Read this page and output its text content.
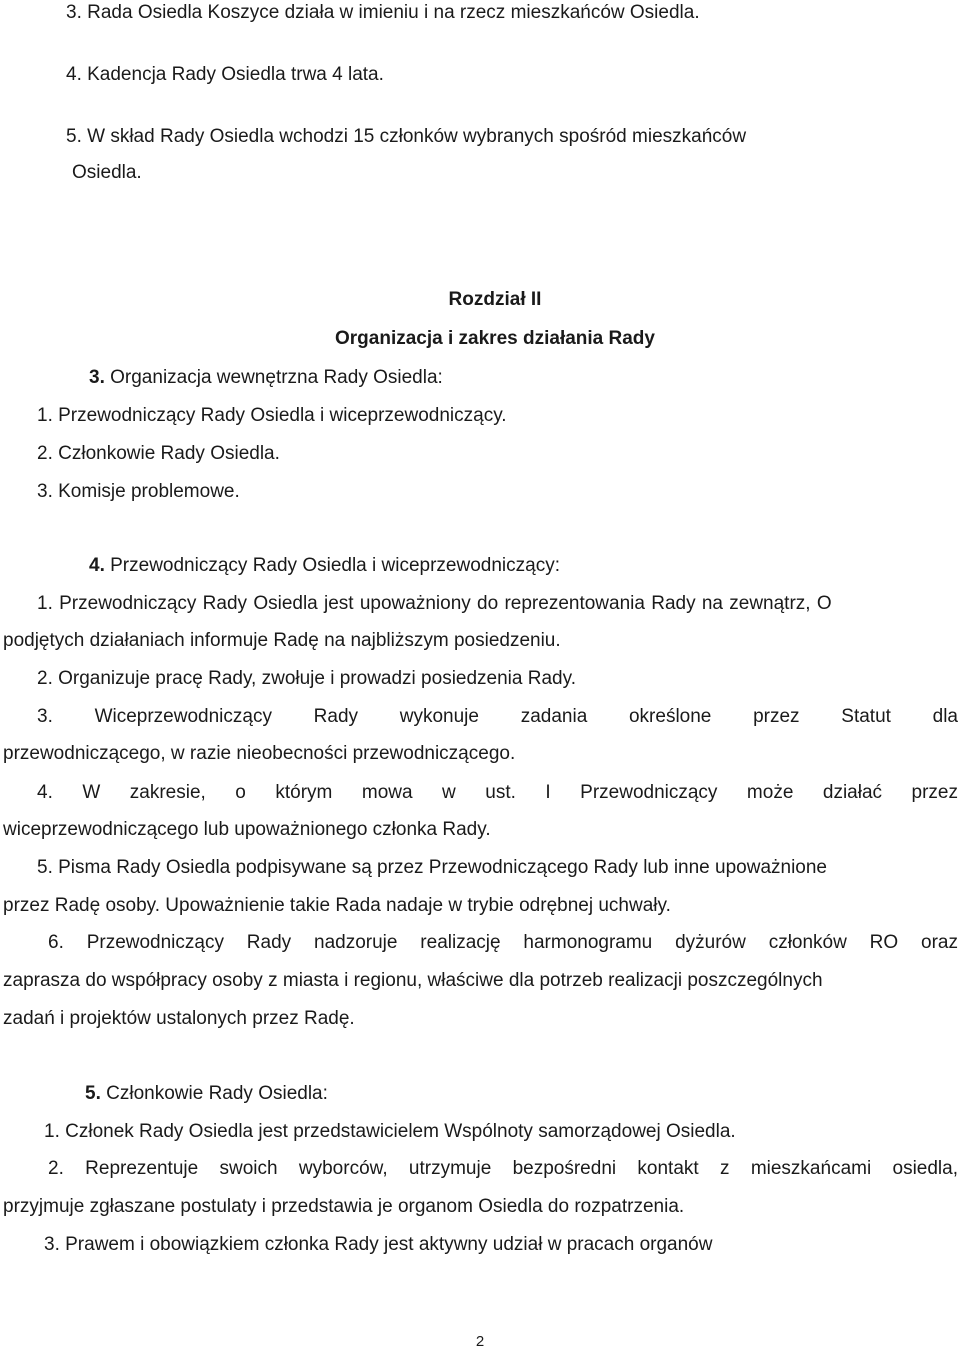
3. Rada Osiedla Koszyce działa w imieniu i na rzecz mieszkańców Osiedla.
4. Kadencja Rady Osiedla trwa 4 lata.
5. W skład Rady Osiedla wchodzi 15 członków wybranych spośród mieszkańców
Osiedla.
Rozdział II
Organizacja i zakres działania Rady
3. Organizacja wewnętrzna Rady Osiedla:
1. Przewodniczący Rady Osiedla i wiceprzewodniczący.
2. Członkowie Rady Osiedla.
3. Komisje problemowe.
4. Przewodniczący Rady Osiedla i wiceprzewodniczący:
1. Przewodniczący Rady Osiedla jest upoważniony do reprezentowania Rady na zewnątrz, O
podjętych działaniach informuje Radę na najbliższym posiedzeniu.
2. Organizuje pracę Rady, zwołuje i prowadzi posiedzenia Rady.
3. Wiceprzewodniczący Rady wykonuje zadania określone przez Statut dla
przewodniczącego, w razie nieobecności przewodniczącego.
4. W zakresie, o którym mowa w ust. I Przewodniczący może działać przez
wiceprzewodniczącego lub upoważnionego członka Rady.
5. Pisma Rady Osiedla podpisywane są przez Przewodniczącego Rady lub inne upoważnione
przez Radę osoby. Upoważnienie takie Rada nadaje w trybie odrębnej uchwały.
6. Przewodniczący Rady nadzoruje realizację harmonogramu dyżurów członków RO oraz
zaprasza do współpracy osoby z miasta i regionu, właściwe dla potrzeb realizacji poszczególnych
zadań i projektów ustalonych przez Radę.
5. Członkowie Rady Osiedla:
1. Członek Rady Osiedla jest przedstawicielem Wspólnoty samorządowej Osiedla.
2. Reprezentuje swoich wyborców, utrzymuje bezpośredni kontakt z mieszkańcami osiedla,
przyjmuje zgłaszane postulaty i przedstawia je organom Osiedla do rozpatrzenia.
3. Prawem i obowiązkiem członka Rady jest aktywny udział w pracach organów
2
